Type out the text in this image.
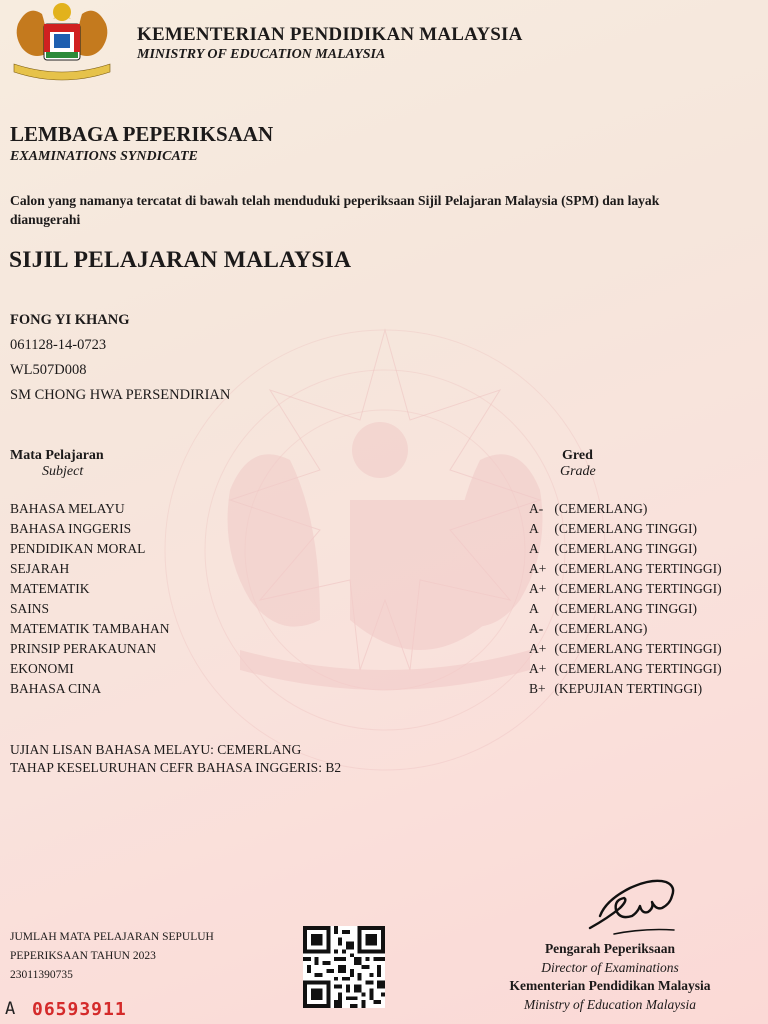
KEMENTERIAN PENDIDIKAN MALAYSIA
MINISTRY OF EDUCATION MALAYSIA
LEMBAGA PEPERIKSAAN
EXAMINATIONS SYNDICATE
Calon yang namanya tercatat di bawah telah menduduki peperiksaan Sijil Pelajaran Malaysia (SPM) dan layak dianugerahi
SIJIL PELAJARAN MALAYSIA
FONG YI KHANG
061128-14-0723
WL507D008
SM CHONG HWA PERSENDIRIAN
Mata Pelajaran
Subject
Gred
Grade
BAHASA MELAYU
BAHASA INGGERIS
PENDIDIKAN MORAL
SEJARAH
MATEMATIK
SAINS
MATEMATIK TAMBAHAN
PRINSIP PERAKAUNAN
EKONOMI
BAHASA CINA
A- (CEMERLANG)
A (CEMERLANG TINGGI)
A (CEMERLANG TINGGI)
A+ (CEMERLANG TERTINGGI)
A+ (CEMERLANG TERTINGGI)
A (CEMERLANG TINGGI)
A- (CEMERLANG)
A+ (CEMERLANG TERTINGGI)
A+ (CEMERLANG TERTINGGI)
B+ (KEPUJIAN TERTINGGI)
UJIAN LISAN BAHASA MELAYU: CEMERLANG
TAHAP KESELURUHAN CEFR BAHASA INGGERIS: B2
JUMLAH MATA PELAJARAN SEPULUH
PEPERIKSAAN TAHUN 2023
23011390735
Pengarah Peperiksaan
Director of Examinations
Kementerian Pendidikan Malaysia
Ministry of Education Malaysia
A 06593911
